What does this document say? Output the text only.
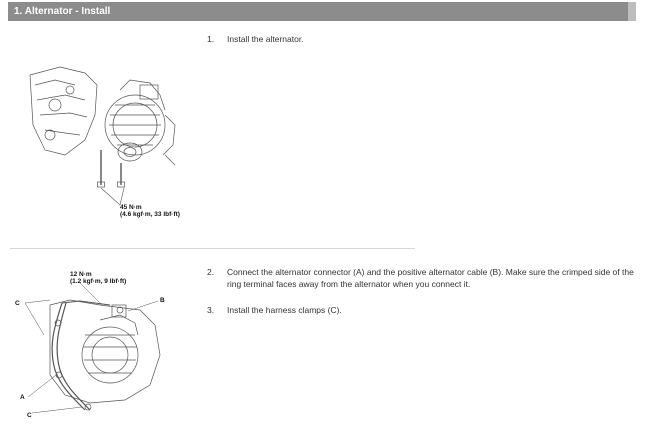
1. Alternator - Install
45 N·m
(4.6 kgf·m, 33 lbf·ft)
1.	Install the alternator.
12 N·m
(1.2 kgf·m, 9 lbf·ft)
B
C
A
C
2.	Connect the alternator connector (A) and the positive alternator cable (B). Make sure the crimped side of the
ring terminal faces away from the alternator when you connect it.
3.	Install the harness clamps (C).
